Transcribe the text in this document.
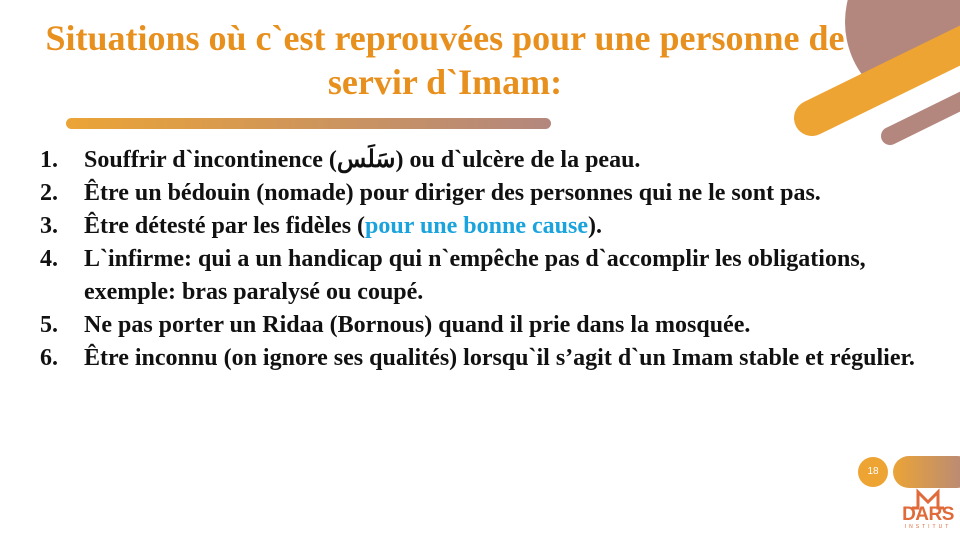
Situations où c`est reprouvées pour une personne de servir d`Imam:
1. Souffrir d`incontinence (سَلَس) ou d`ulcère de la peau.
2. Être un bédouin (nomade) pour diriger des personnes qui ne le sont pas.
3. Être détesté par les fidèles (pour une bonne cause).
4. L`infirme: qui a un handicap qui n`empêche pas d`accomplir les obligations, exemple: bras paralysé ou coupé.
5. Ne pas porter un Ridaa (Bornous) quand il prie dans la mosquée.
6. Être inconnu (on ignore ses qualités) lorsqu`il s’agit d`un Imam stable et régulier.
18
DARS
INSTITUT
